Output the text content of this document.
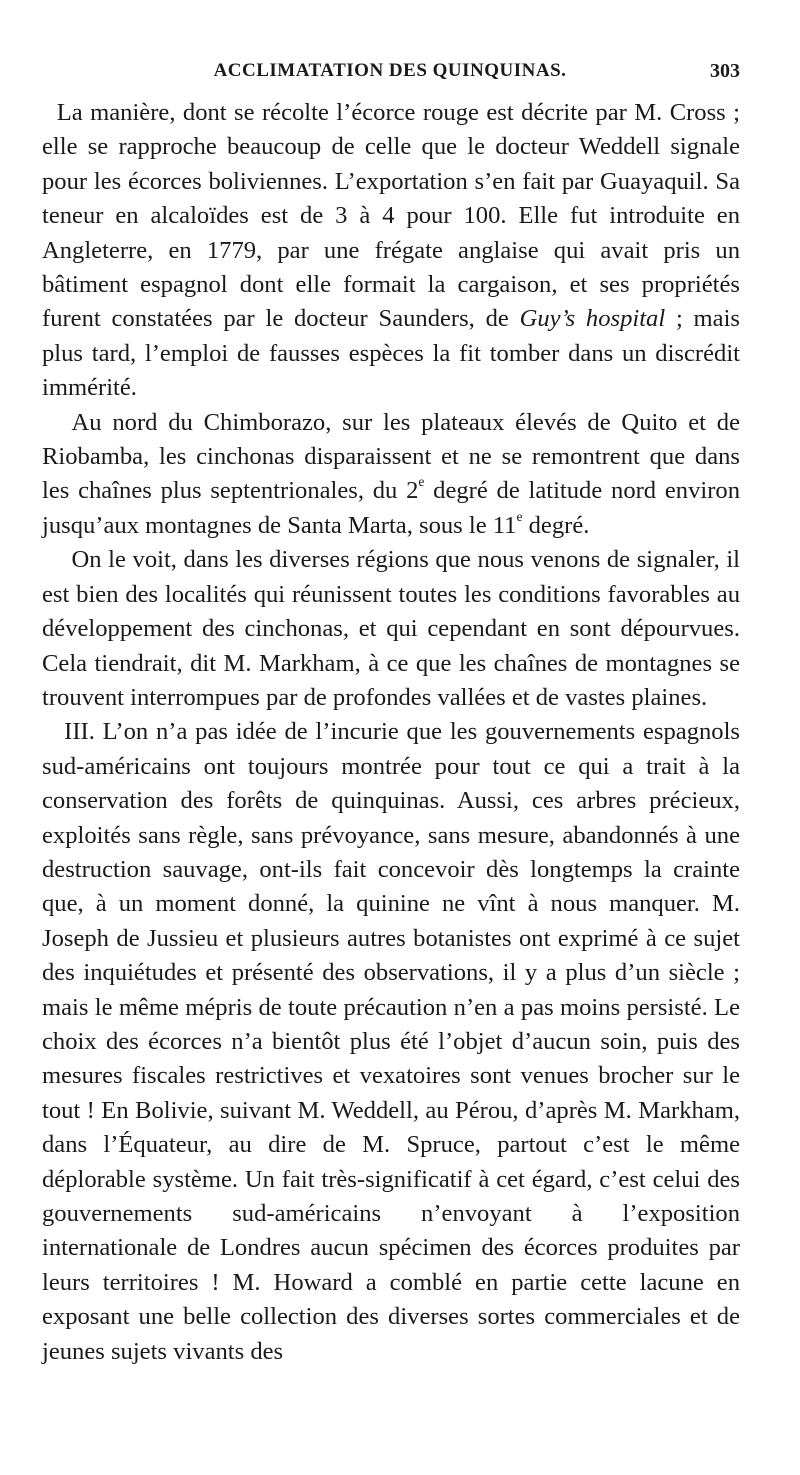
ACCLIMATATION DES QUINQUINAS.	303

La manière, dont se récolte l’écorce rouge est décrite par M. Cross ; elle se rapproche beaucoup de celle que le docteur Weddell signale pour les écorces boliviennes. L’exportation s’en fait par Guayaquil. Sa teneur en alcaloïdes est de 3 à 4 pour 100. Elle fut introduite en Angleterre, en 1779, par une frégate anglaise qui avait pris un bâtiment espagnol dont elle formait la cargaison, et ses propriétés furent constatées par le docteur Saunders, de Guy’s hospital ; mais plus tard, l’emploi de fausses espèces la fit tomber dans un discrédit immérité.

Au nord du Chimborazo, sur les plateaux élevés de Quito et de Riobamba, les cinchonas disparaissent et ne se remontrent que dans les chaînes plus septentrionales, du 2e degré de latitude nord environ jusqu’aux montagnes de Santa Marta, sous le 11e degré.

On le voit, dans les diverses régions que nous venons de signaler, il est bien des localités qui réunissent toutes les conditions favorables au développement des cinchonas, et qui cependant en sont dépourvues. Cela tiendrait, dit M. Markham, à ce que les chaînes de montagnes se trouvent interrompues par de profondes vallées et de vastes plaines.

III. L’on n’a pas idée de l’incurie que les gouvernements espagnols sud-américains ont toujours montrée pour tout ce qui a trait à la conservation des forêts de quinquinas. Aussi, ces arbres précieux, exploités sans règle, sans prévoyance, sans mesure, abandonnés à une destruction sauvage, ont-ils fait concevoir dès longtemps la crainte que, à un moment donné, la quinine ne vînt à nous manquer. M. Joseph de Jussieu et plusieurs autres botanistes ont exprimé à ce sujet des inquiétudes et présenté des observations, il y a plus d’un siècle ; mais le même mépris de toute précaution n’en a pas moins persisté. Le choix des écorces n’a bientôt plus été l’objet d’aucun soin, puis des mesures fiscales restrictives et vexatoires sont venues brocher sur le tout ! En Bolivie, suivant M. Weddell, au Pérou, d’après M. Markham, dans l’Équateur, au dire de M. Spruce, partout c’est le même déplorable système. Un fait très-significatif à cet égard, c’est celui des gouvernements sud-américains n’envoyant à l’exposition internationale de Londres aucun spécimen des écorces produites par leurs territoires ! M. Howard a comblé en partie cette lacune en exposant une belle collection des diverses sortes commerciales et de jeunes sujets vivants des
